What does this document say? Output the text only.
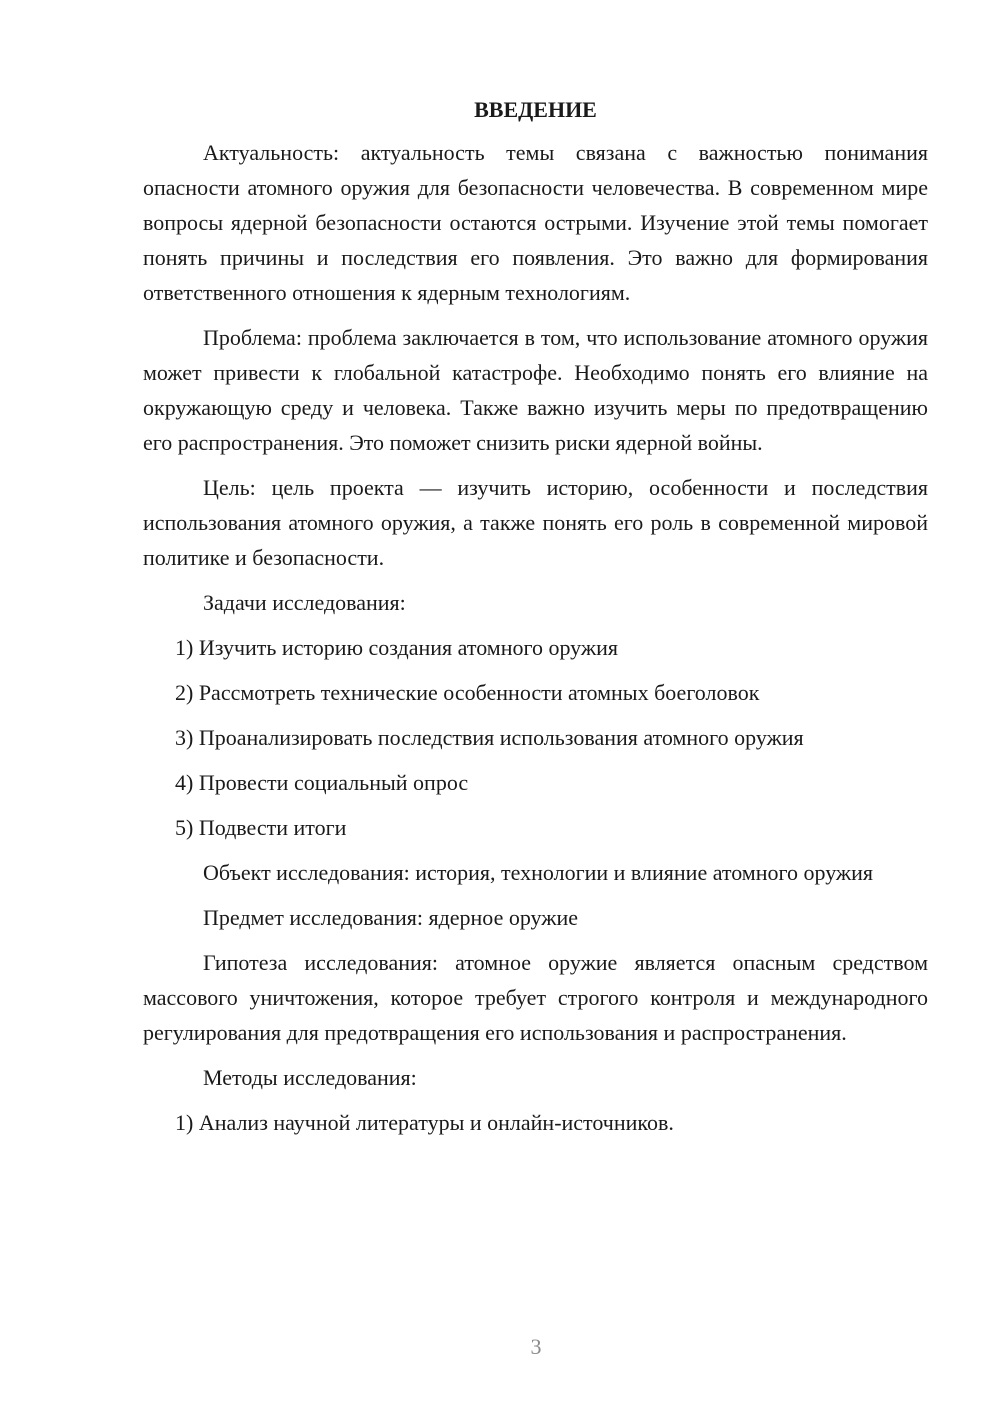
ВВЕДЕНИЕ

Актуальность: актуальность темы связана с важностью понимания опасности атомного оружия для безопасности человечества. В современном мире вопросы ядерной безопасности остаются острыми. Изучение этой темы помогает понять причины и последствия его появления. Это важно для формирования ответственного отношения к ядерным технологиям.

Проблема: проблема заключается в том, что использование атомного оружия может привести к глобальной катастрофе. Необходимо понять его влияние на окружающую среду и человека. Также важно изучить меры по предотвращению его распространения. Это поможет снизить риски ядерной войны.

Цель: цель проекта — изучить историю, особенности и последствия использования атомного оружия, а также понять его роль в современной мировой политике и безопасности.

Задачи исследования:

1) Изучить историю создания атомного оружия

2) Рассмотреть технические особенности атомных боеголовок

3) Проанализировать последствия использования атомного оружия

4) Провести социальный опрос

5) Подвести итоги

Объект исследования: история, технологии и влияние атомного оружия

Предмет исследования: ядерное оружие

Гипотеза исследования: атомное оружие является опасным средством массового уничтожения, которое требует строгого контроля и международного регулирования для предотвращения его использования и распространения.

Методы исследования:

1) Анализ научной литературы и онлайн-источников.

3
